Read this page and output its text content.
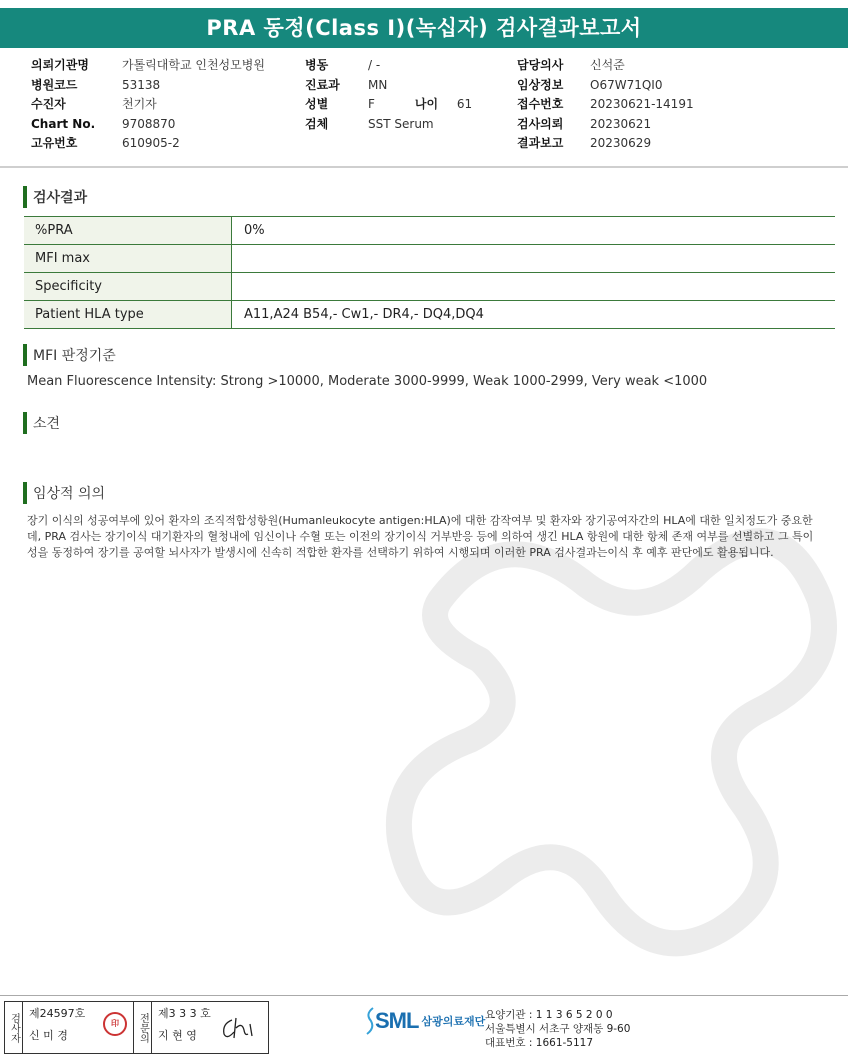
PRA 동정(Class I)(녹십자) 검사결과보고서
의뢰기관명	가톨릭대학교 인천성모병원
병원코드	53138
수진자	천기자
Chart No.	9708870
고유번호	610905-2
병동	/ -
진료과	MN
성별	F	나이	61
검체	SST Serum
담당의사	신석준
임상정보	O67W71QI0
접수번호	20230621-14191
검사의뢰	20230621
결과보고	20230629
검사결과
%PRA	0%
MFI max
Specificity
Patient HLA type	A11,A24 B54,- Cw1,- DR4,- DQ4,DQ4
MFI 판정기준
Mean Fluorescence Intensity: Strong >10000, Moderate 3000-9999, Weak 1000-2999, Very weak <1000
소견
임상적 의의
장기 이식의 성공여부에 있어 환자의 조직적합성항원(Humanleukocyte antigen:HLA)에 대한 감작여부 및 환자와 장기공여자간의 HLA에 대한 일치정도가 중요한데, PRA 검사는 장기이식 대기환자의 혈청내에 임신이나 수혈 또는 이전의 장기이식 거부반응 등에 의하여 생긴 HLA 항원에 대한 항체 존재 여부를 선별하고 그 특이성을 동정하여 장기를 공여할 뇌사자가 발생시에 신속히 적합한 환자를 선택하기 위하여 시행되며 이러한 PRA 검사결과는이식 후 예후 판단에도 활용됩니다.
검사자 제24597호
신 미 경
印	전문의 제3 3 3 호
지 현 영
SML 삼광의료재단 요양기관 : 1 1 3 6 5 2 0 0
서울특별시 서초구 양재동 9-60
대표번호 : 1661-5117
